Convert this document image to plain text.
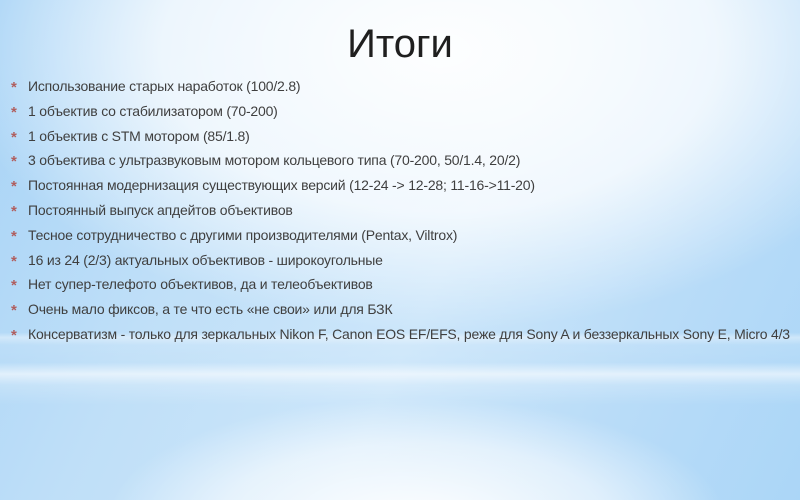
Итоги
* Использование старых наработок (100/2.8)
* 1 объектив со стабилизатором (70-200)
* 1 объектив с STM мотором (85/1.8)
* 3 объектива с ультразвуковым мотором кольцевого типа (70-200, 50/1.4, 20/2)
* Постоянная модернизация существующих версий (12-24 -> 12-28; 11-16->11-20)
* Постоянный выпуск апдейтов объективов
* Тесное сотрудничество с другими производителями (Pentax, Viltrox)
* 16 из 24 (2/3) актуальных объективов - широкоугольные
* Нет супер-телефото объективов, да и телеобъективов
* Очень мало фиксов, а те что есть «не свои» или для БЗК
* Консерватизм - только для зеркальных Nikon F, Canon EOS EF/EFS, реже для Sony A и беззеркальных Sony E, Micro 4/3
